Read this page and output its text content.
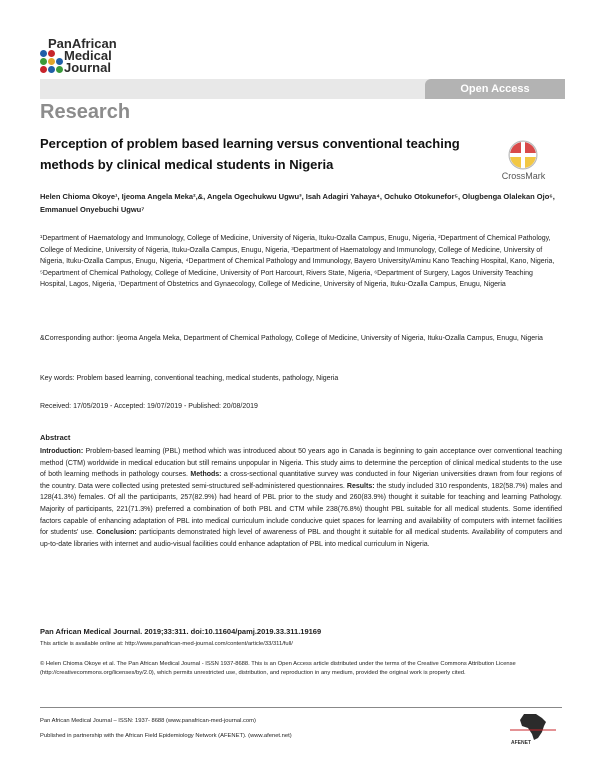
PanAfrican
Medical
Journal
Open Access
Research
Perception of problem based learning versus conventional teaching methods by clinical medical students in Nigeria
CrossMark
Helen Chioma Okoye¹, Ijeoma Angela Meka²,&, Angela Ogechukwu Ugwu³, Isah Adagiri Yahaya⁴, Ochuko Otokunefor⁵, Olugbenga Olalekan Ojo⁶, Emmanuel Onyebuchi Ugwu⁷
¹Department of Haematology and Immunology, College of Medicine, University of Nigeria, Ituku-Ozalla Campus, Enugu, Nigeria, ²Department of Chemical Pathology, College of Medicine, University of Nigeria, Ituku-Ozalla Campus, Enugu, Nigeria, ³Department of Haematology and Immunology, College of Medicine, University of Nigeria, Ituku-Ozalla Campus, Enugu, Nigeria, ⁴Department of Chemical Pathology and Immunology, Bayero University/Aminu Kano Teaching Hospital, Kano, Nigeria, ⁵Department of Chemical Pathology, College of Medicine, University of Port Harcourt, Rivers State, Nigeria, ⁶Department of Surgery, Lagos University Teaching Hospital, Lagos, Nigeria, ⁷Department of Obstetrics and Gynaecology, College of Medicine, University of Nigeria, Ituku-Ozalla Campus, Enugu, Nigeria
&Corresponding author: Ijeoma Angela Meka, Department of Chemical Pathology, College of Medicine, University of Nigeria, Ituku-Ozalla Campus, Enugu, Nigeria
Key words: Problem based learning, conventional teaching, medical students, pathology, Nigeria
Received: 17/05/2019 - Accepted: 19/07/2019 - Published: 20/08/2019
Abstract
Introduction: Problem-based learning (PBL) method which was introduced about 50 years ago in Canada is beginning to gain acceptance over conventional teaching method (CTM) worldwide in medical education but still remains unpopular in Nigeria. This study aims to determine the perception of clinical medical students to the use of both learning methods in pathology courses. Methods: a cross-sectional quantitative survey was conducted in four Nigerian universities drawn from four regions of the country. Data were collected using pretested semi-structured self-administered questionnaires. Results: the study included 310 respondents, 182(58.7%) males and 128(41.3%) females. Of all the participants, 257(82.9%) had heard of PBL prior to the study and 260(83.9%) thought it suitable for teaching and learning Pathology. Majority of participants, 221(71.3%) preferred a combination of both PBL and CTM while 238(76.8%) thought PBL suitable for all medical students. Some identified factors capable of enhancing adaptation of PBL into medical curriculum include conducive quiet spaces for learning and availability of computers with internet facilities for students' use. Conclusion: participants demonstrated high level of awareness of PBL and thought it suitable for all medical students. Availability of computers and up-to-date libraries with internet and audio-visual facilities could enhance adaptation of PBL into medical curriculum in Nigeria.
Pan African Medical Journal. 2019;33:311. doi:10.11604/pamj.2019.33.311.19169
This article is available online at: http://www.panafrican-med-journal.com/content/article/33/311/full/
© Helen Chioma Okoye et al. The Pan African Medical Journal - ISSN 1937-8688. This is an Open Access article distributed under the terms of the Creative Commons Attribution License (http://creativecommons.org/licenses/by/2.0), which permits unrestricted use, distribution, and reproduction in any medium, provided the original work is properly cited.
Pan African Medical Journal – ISSN: 1937- 8688 (www.panafrican-med-journal.com)
Published in partnership with the African Field Epidemiology Network (AFENET). (www.afenet.net)
AFENET
